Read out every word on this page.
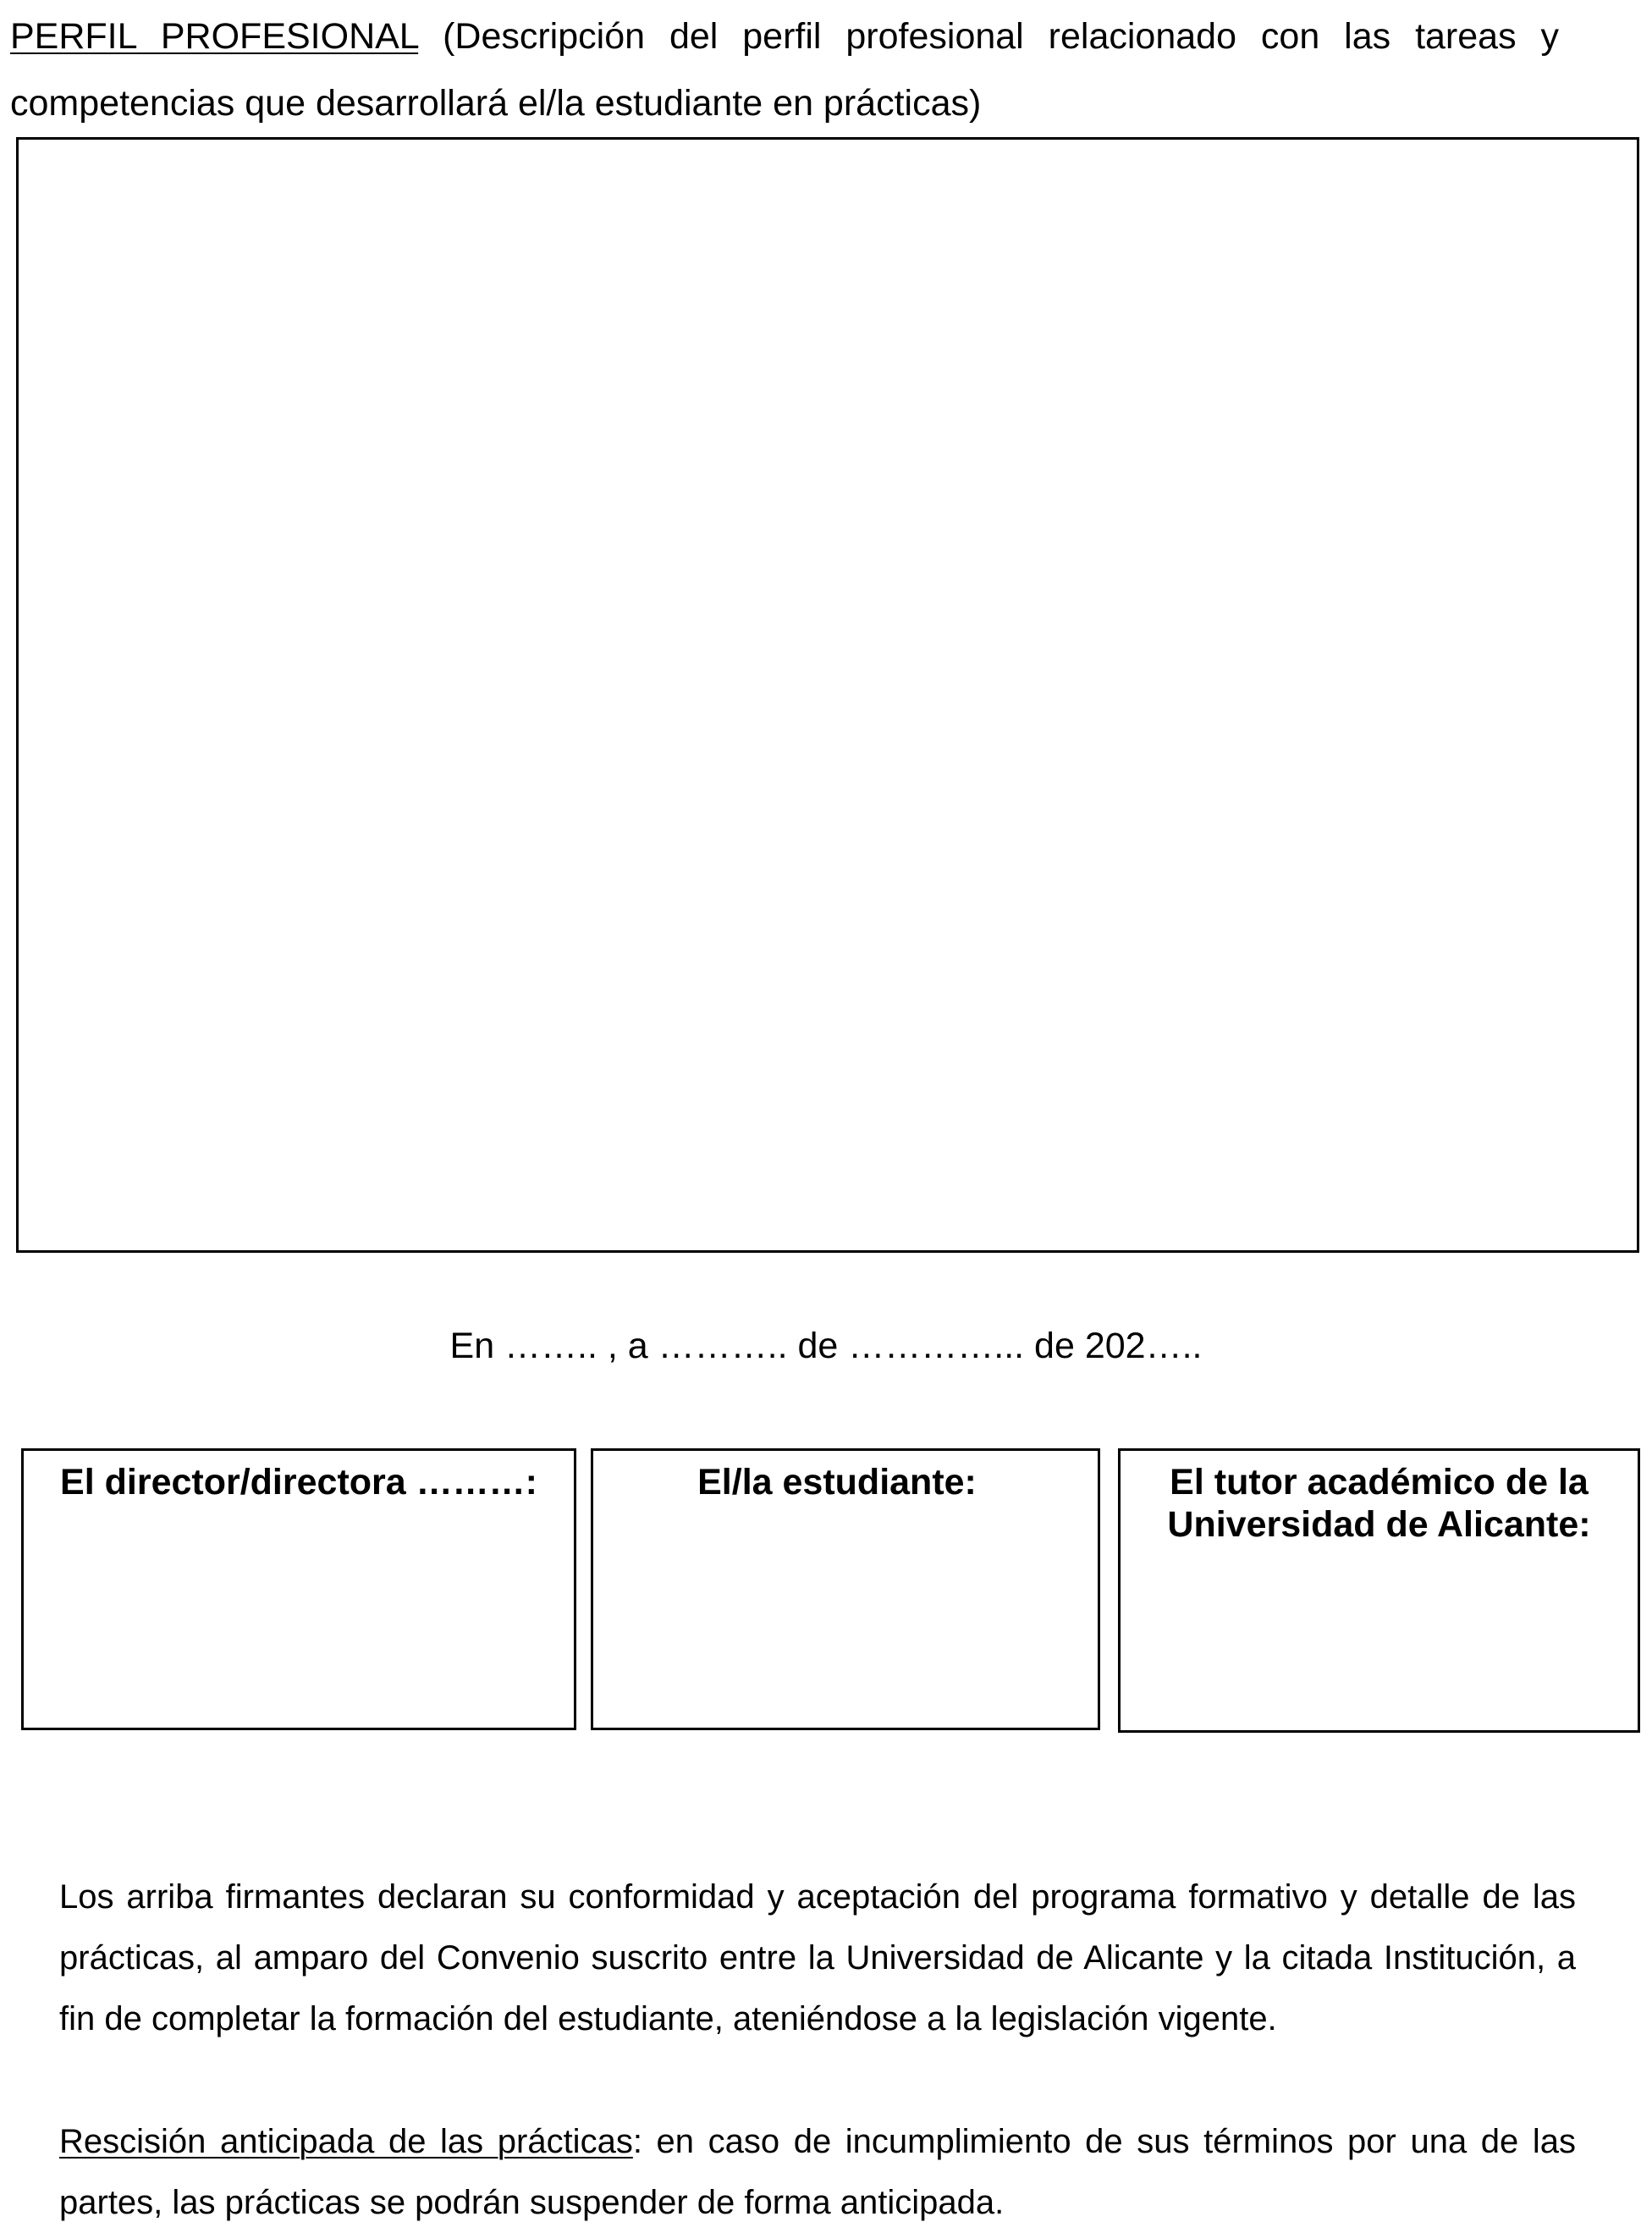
PERFIL PROFESIONAL (Descripción del perfil profesional relacionado con las tareas y competencias que desarrollará el/la estudiante en prácticas)
En …….. , a ……….. de …………... de 202…..
El director/directora ………:	El/la estudiante:	El tutor académico de la Universidad de Alicante:
Los arriba firmantes declaran su conformidad y aceptación del programa formativo y detalle de las prácticas, al amparo del Convenio suscrito entre la Universidad de Alicante y la citada Institución, a fin de completar la formación del estudiante, ateniéndose a la legislación vigente.
Rescisión anticipada de las prácticas: en caso de incumplimiento de sus términos por una de las partes, las prácticas se podrán suspender de forma anticipada.
